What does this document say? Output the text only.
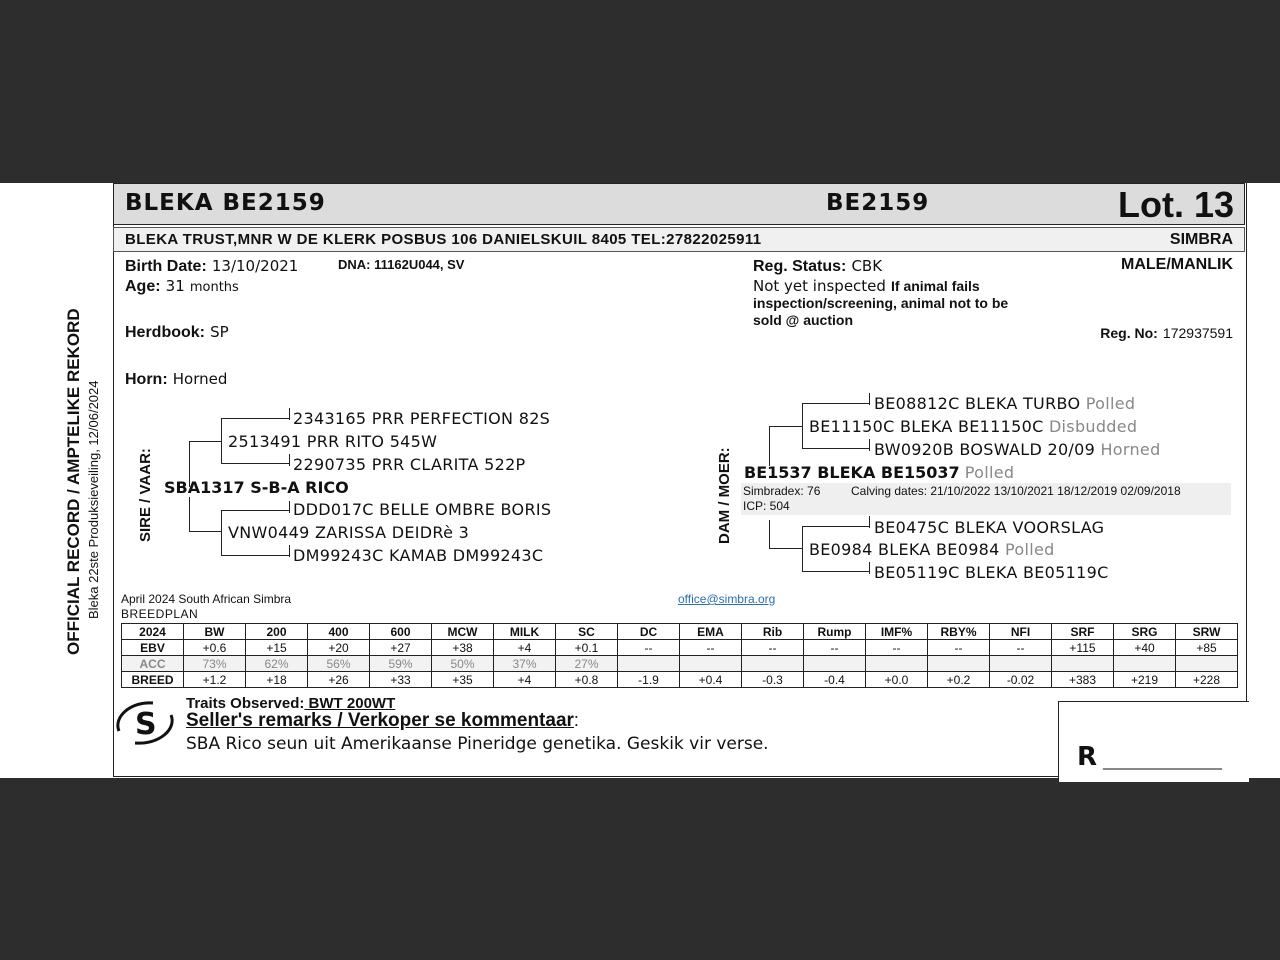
OFFICIAL RECORD / AMPTELIKE REKORD Bleka 22ste Produksieveiling, 12/06/2024
BLEKA BE2159	BE2159	Lot. 13
BLEKA TRUST,MNR W DE KLERK POSBUS 106 DANIELSKUIL 8405 TEL:27822025911	SIMBRA
Birth Date: 13/10/2021	DNA: 11162U044, SV
Age: 31 months
Herdbook: SP
Horn: Horned
Reg. Status: CBK
Not yet inspected If animal fails
inspection/screening, animal not to be
sold @ auction
MALE/MANLIK
Reg. No: 172937591
SIRE / VAAR:
2343165 PRR PERFECTION 82S
2513491 PRR RITO 545W
2290735 PRR CLARITA 522P
SBA1317 S-B-A RICO
DDD017C BELLE OMBRE BORIS
VNW0449 ZARISSA DEIDRè 3
DM99243C KAMAB DM99243C
DAM / MOER:
BE08812C BLEKA TURBO Polled
BE11150C BLEKA BE11150C Disbudded
BW0920B BOSWALD 20/09 Horned
BE1537 BLEKA BE15037 Polled
Simbradex: 76	Calving dates: 21/10/2022 13/10/2021 18/12/2019 02/09/2018
ICP: 504
BE0475C BLEKA VOORSLAG
BE0984 BLEKA BE0984 Polled
BE05119C BLEKA BE05119C
April 2024 South African Simbra
BREEDPLAN
office@simbra.org
2024	BW	200	400	600	MCW	MILK	SC	DC	EMA	Rib	Rump	IMF%	RBY%	NFI	SRF	SRG	SRW
EBV	+0.6	+15	+20	+27	+38	+4	+0.1	--	--	--	--	--	--	--	+115	+40	+85
ACC	73%	62%	56%	59%	50%	37%	27%										
BREED	+1.2	+18	+26	+33	+35	+4	+0.8	-1.9	+0.4	-0.3	-0.4	+0.0	+0.2	-0.02	+383	+219	+228
S
Traits Observed: BWT 200WT
Seller's remarks / Verkoper se kommentaar:
SBA Rico seun uit Amerikaanse Pineridge genetika. Geskik vir verse.	R _________________
